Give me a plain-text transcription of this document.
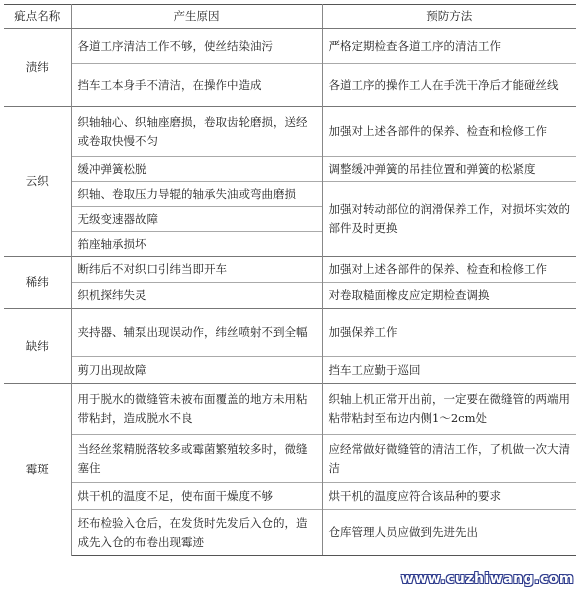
疵点名称	产生原因	预防方法
渍纬	各道工序清洁工作不够，使丝结染油污	严格定期检查各道工序的清洁工作
	挡车工本身手不清洁，在操作中造成	各道工序的操作工人在手洗干净后才能碰丝线
云织	织轴轴心、织轴座磨损，卷取齿轮磨损，送经或卷取快慢不匀	加强对上述各部件的保养、检查和检修工作
	缓冲弹簧松脱	调整缓冲弹簧的吊挂位置和弹簧的松紧度
	织轴、卷取压力导辊的轴承失油或弯曲磨损	加强对转动部位的润滑保养工作，对损坏实效的部件及时更换
	无级变速器故障	
	筘座轴承损坏	
稀纬	断纬后不对织口引纬当即开车	加强对上述各部件的保养、检查和检修工作
	织机探纬失灵	对卷取糙面橡皮应定期检查调换
缺纬	夹持器、辅泵出现误动作，纬丝喷射不到全幅	加强保养工作
	剪刀出现故障	挡车工应勤于巡回
霉斑	用于脱水的微缝管未被布面覆盖的地方未用粘带粘封，造成脱水不良	织轴上机正常开出前，一定要在微缝管的两端用粘带粘封至布边内侧1～2cm处
	当经丝浆精脱落较多或霉菌繁殖较多时，微缝塞住	应经常做好微缝管的清洁工作，了机做一次大清洁
	烘干机的温度不足，使布面干燥度不够	烘干机的温度应符合该品种的要求
	坯布检验入仓后，在发货时先发后入仓的，造成先入仓的布卷出现霉迹	仓库管理人员应做到先进先出
www.cuzhiwang.com
